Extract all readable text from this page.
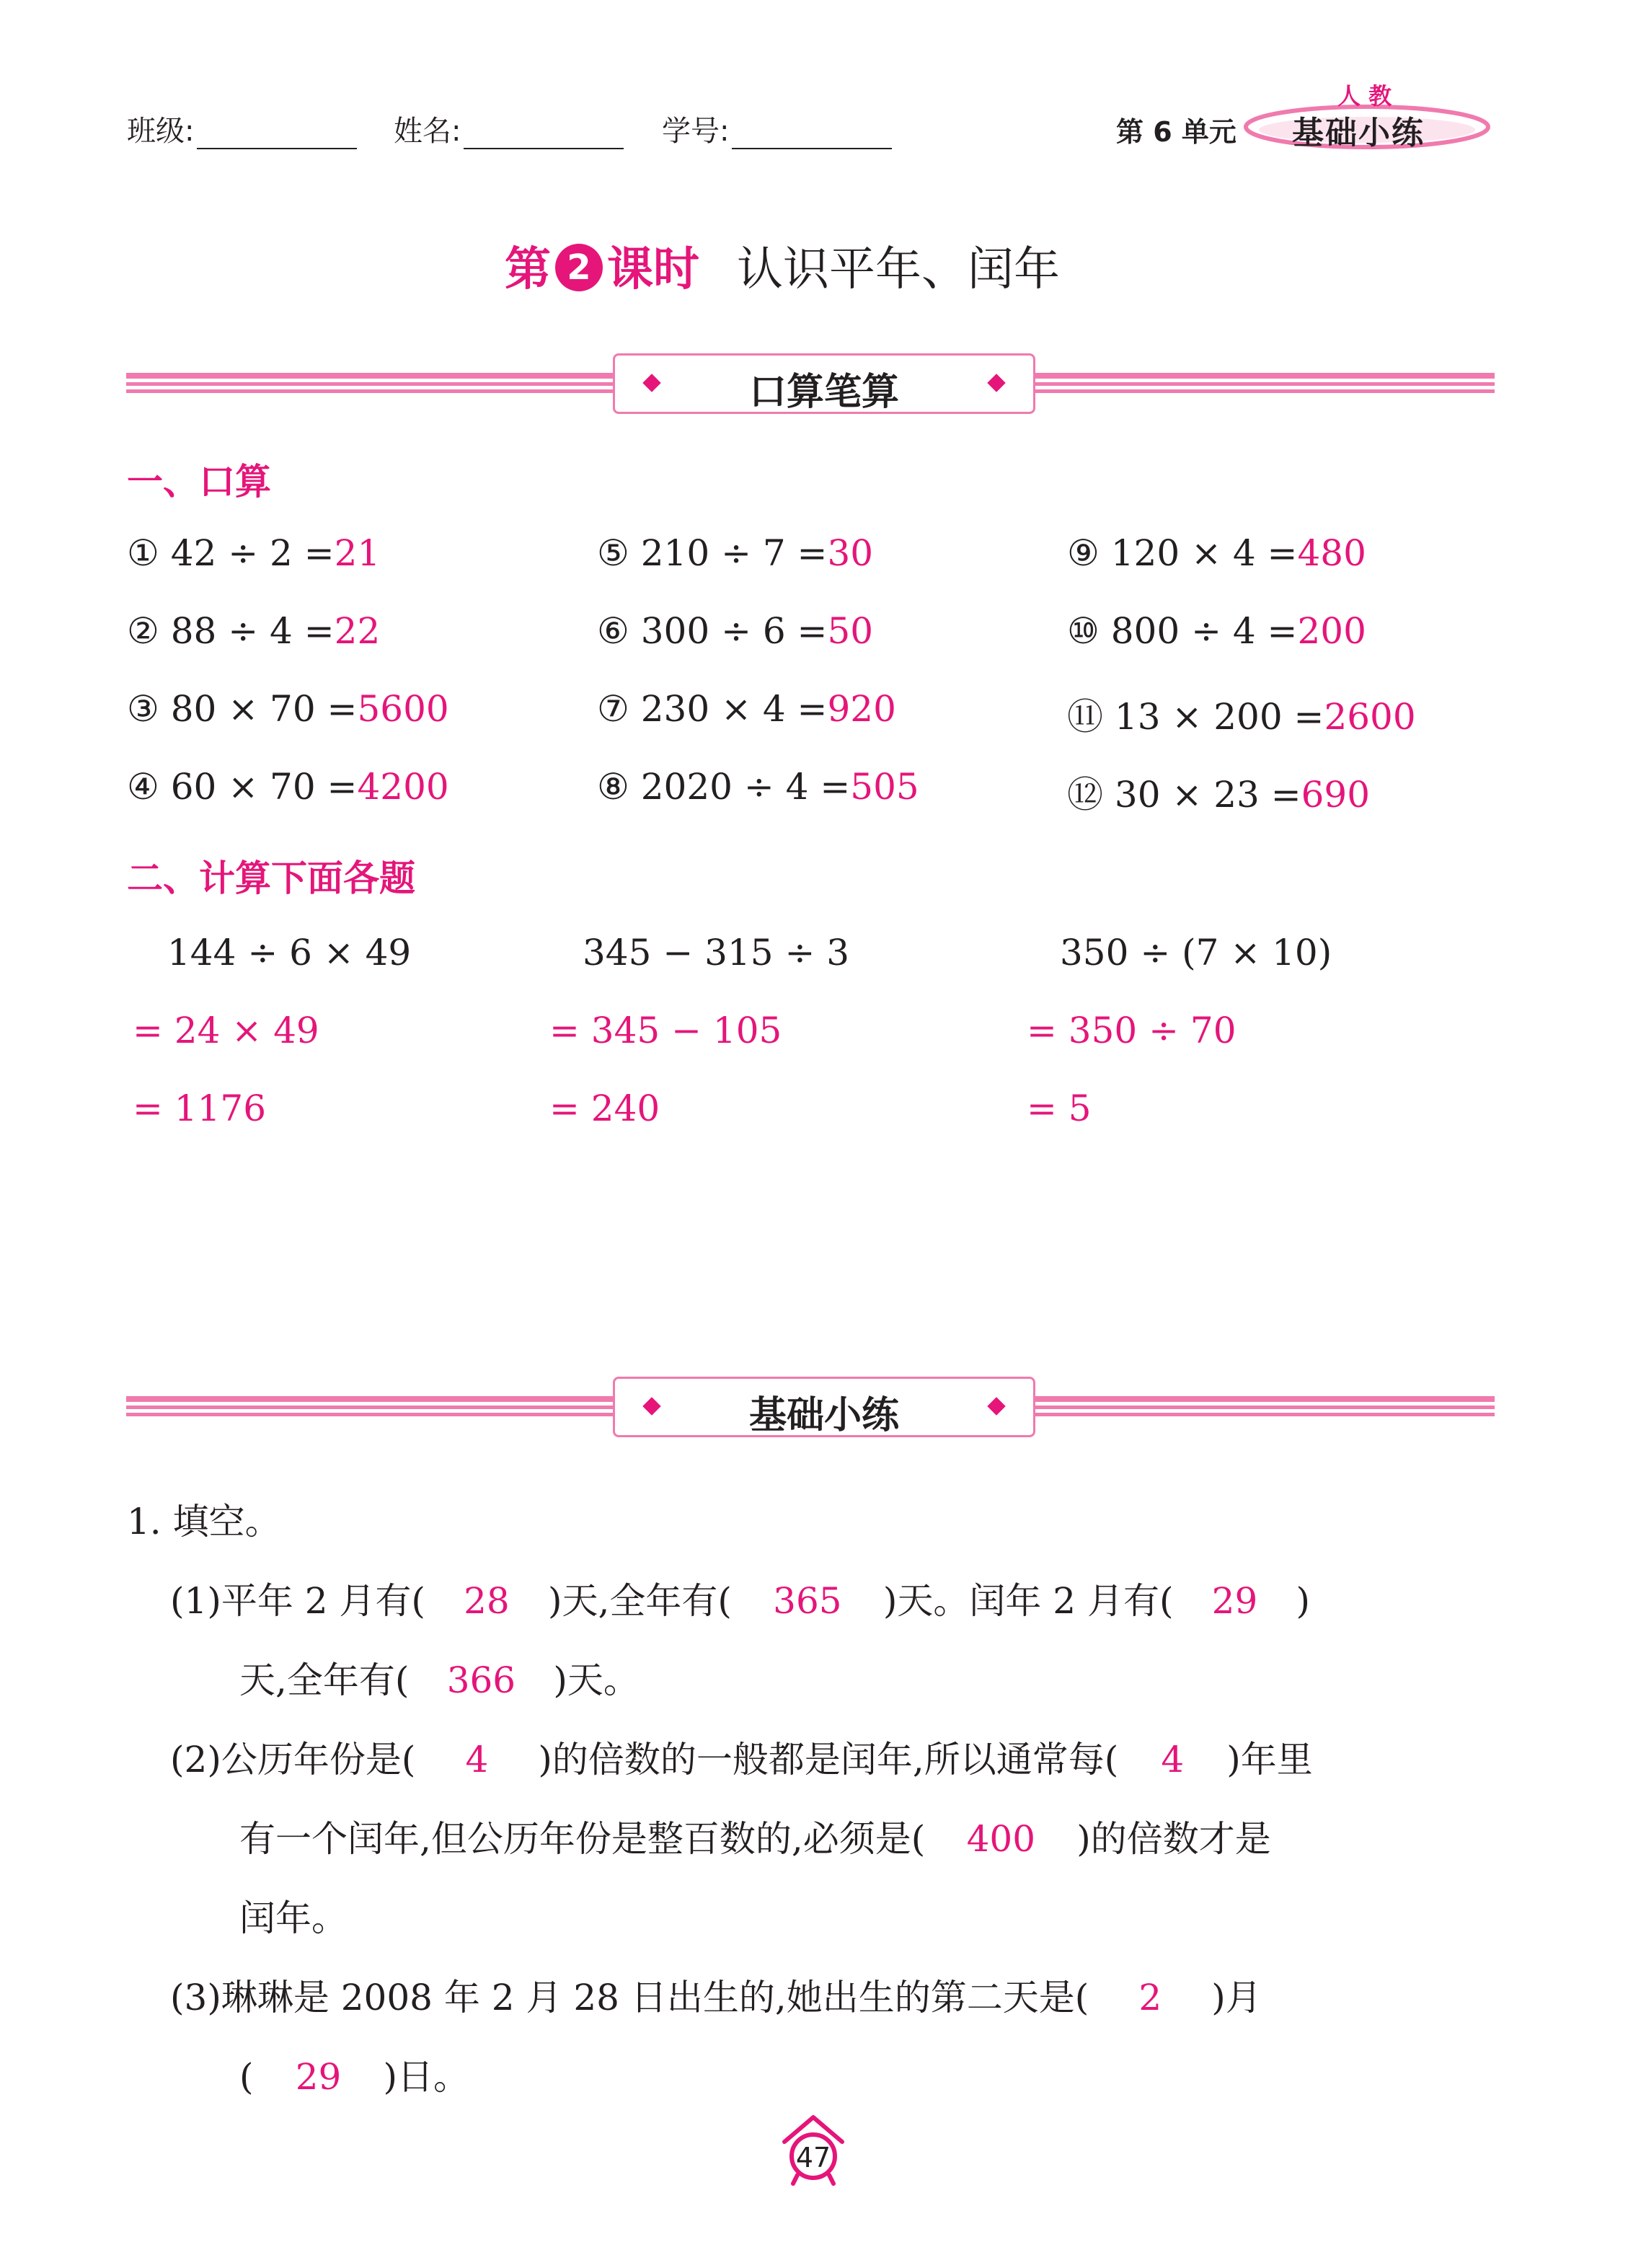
班级:	姓名:	学号:	第 6 单元 基础小练
人 教
第 2 课时 认识平年、闰年
口算笔算
一、口算
① 42 ÷ 2 =21
② 88 ÷ 4 =22
③ 80 × 70 =5600
④ 60 × 70 =4200
⑤ 210 ÷ 7 =30
⑥ 300 ÷ 6 =50
⑦ 230 × 4 =920
⑧ 2020 ÷ 4 =505
⑨ 120 × 4 =480
⑩ 800 ÷ 4 =200
⑪ 13 × 200 =2600
⑫ 30 × 23 =690
二、计算下面各题
144 ÷ 6 × 49
= 24 × 49
= 1176
345 − 315 ÷ 3
= 345 − 105
= 240
350 ÷ (7 × 10)
= 350 ÷ 70
= 5
基础小练
1. 填空。
(1)平年 2 月有( 28 )天,全年有( 365 )天。闰年 2 月有( 29 )
天,全年有( 366 )天。
(2)公历年份是( 4 )的倍数的一般都是闰年,所以通常每( 4 )年里
有一个闰年,但公历年份是整百数的,必须是( 400 )的倍数才是
闰年。
(3)琳琳是 2008 年 2 月 28 日出生的,她出生的第二天是( 2 )月
( 29 )日。
47
